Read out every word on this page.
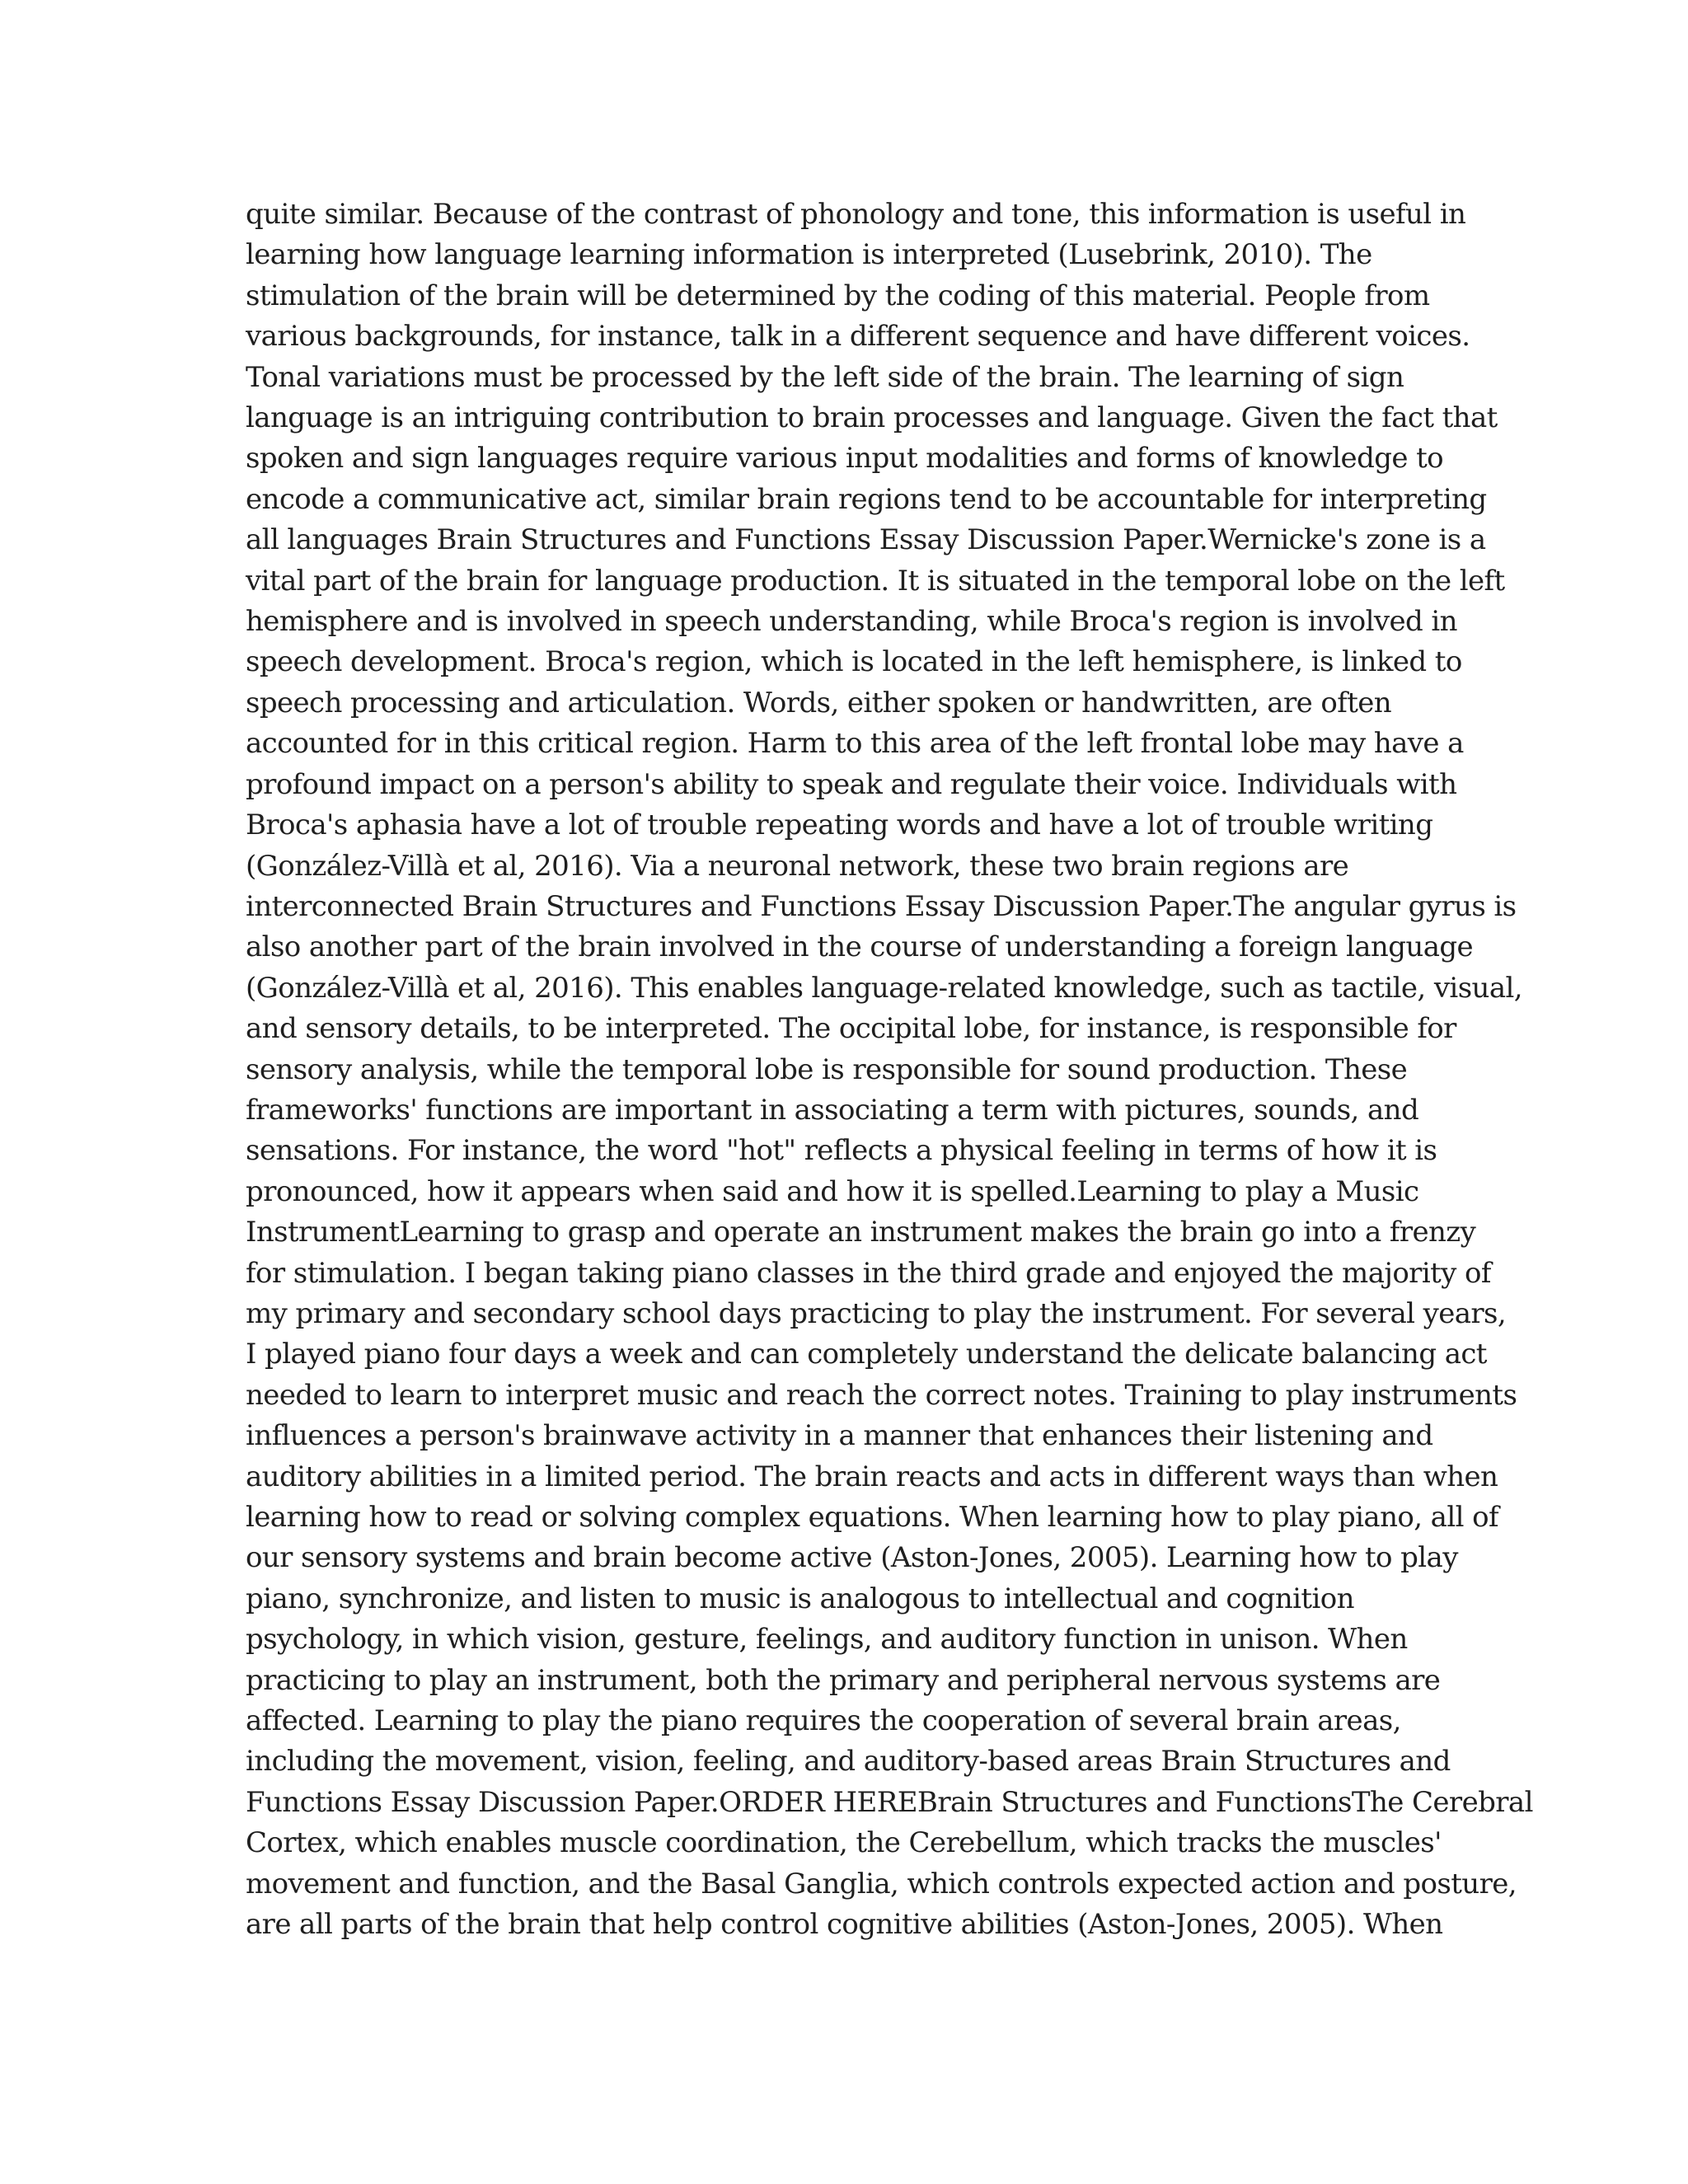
quite similar. Because of the contrast of phonology and tone, this information is useful in
learning how language learning information is interpreted (Lusebrink, 2010). The
stimulation of the brain will be determined by the coding of this material. People from
various backgrounds, for instance, talk in a different sequence and have different voices.
Tonal variations must be processed by the left side of the brain. The learning of sign
language is an intriguing contribution to brain processes and language. Given the fact that
spoken and sign languages require various input modalities and forms of knowledge to
encode a communicative act, similar brain regions tend to be accountable for interpreting
all languages Brain Structures and Functions Essay Discussion Paper.Wernicke's zone is a
vital part of the brain for language production. It is situated in the temporal lobe on the left
hemisphere and is involved in speech understanding, while Broca's region is involved in
speech development. Broca's region, which is located in the left hemisphere, is linked to
speech processing and articulation. Words, either spoken or handwritten, are often
accounted for in this critical region. Harm to this area of the left frontal lobe may have a
profound impact on a person's ability to speak and regulate their voice. Individuals with
Broca's aphasia have a lot of trouble repeating words and have a lot of trouble writing
(González-Villà et al, 2016). Via a neuronal network, these two brain regions are
interconnected Brain Structures and Functions Essay Discussion Paper.The angular gyrus is
also another part of the brain involved in the course of understanding a foreign language
(González-Villà et al, 2016). This enables language-related knowledge, such as tactile, visual,
and sensory details, to be interpreted. The occipital lobe, for instance, is responsible for
sensory analysis, while the temporal lobe is responsible for sound production. These
frameworks' functions are important in associating a term with pictures, sounds, and
sensations. For instance, the word "hot" reflects a physical feeling in terms of how it is
pronounced, how it appears when said and how it is spelled.Learning to play a Music
InstrumentLearning to grasp and operate an instrument makes the brain go into a frenzy
for stimulation. I began taking piano classes in the third grade and enjoyed the majority of
my primary and secondary school days practicing to play the instrument. For several years,
I played piano four days a week and can completely understand the delicate balancing act
needed to learn to interpret music and reach the correct notes. Training to play instruments
influences a person's brainwave activity in a manner that enhances their listening and
auditory abilities in a limited period. The brain reacts and acts in different ways than when
learning how to read or solving complex equations. When learning how to play piano, all of
our sensory systems and brain become active (Aston-Jones, 2005). Learning how to play
piano, synchronize, and listen to music is analogous to intellectual and cognition
psychology, in which vision, gesture, feelings, and auditory function in unison. When
practicing to play an instrument, both the primary and peripheral nervous systems are
affected. Learning to play the piano requires the cooperation of several brain areas,
including the movement, vision, feeling, and auditory-based areas Brain Structures and
Functions Essay Discussion Paper.ORDER HEREBrain Structures and FunctionsThe Cerebral
Cortex, which enables muscle coordination, the Cerebellum, which tracks the muscles'
movement and function, and the Basal Ganglia, which controls expected action and posture,
are all parts of the brain that help control cognitive abilities (Aston-Jones, 2005). When
